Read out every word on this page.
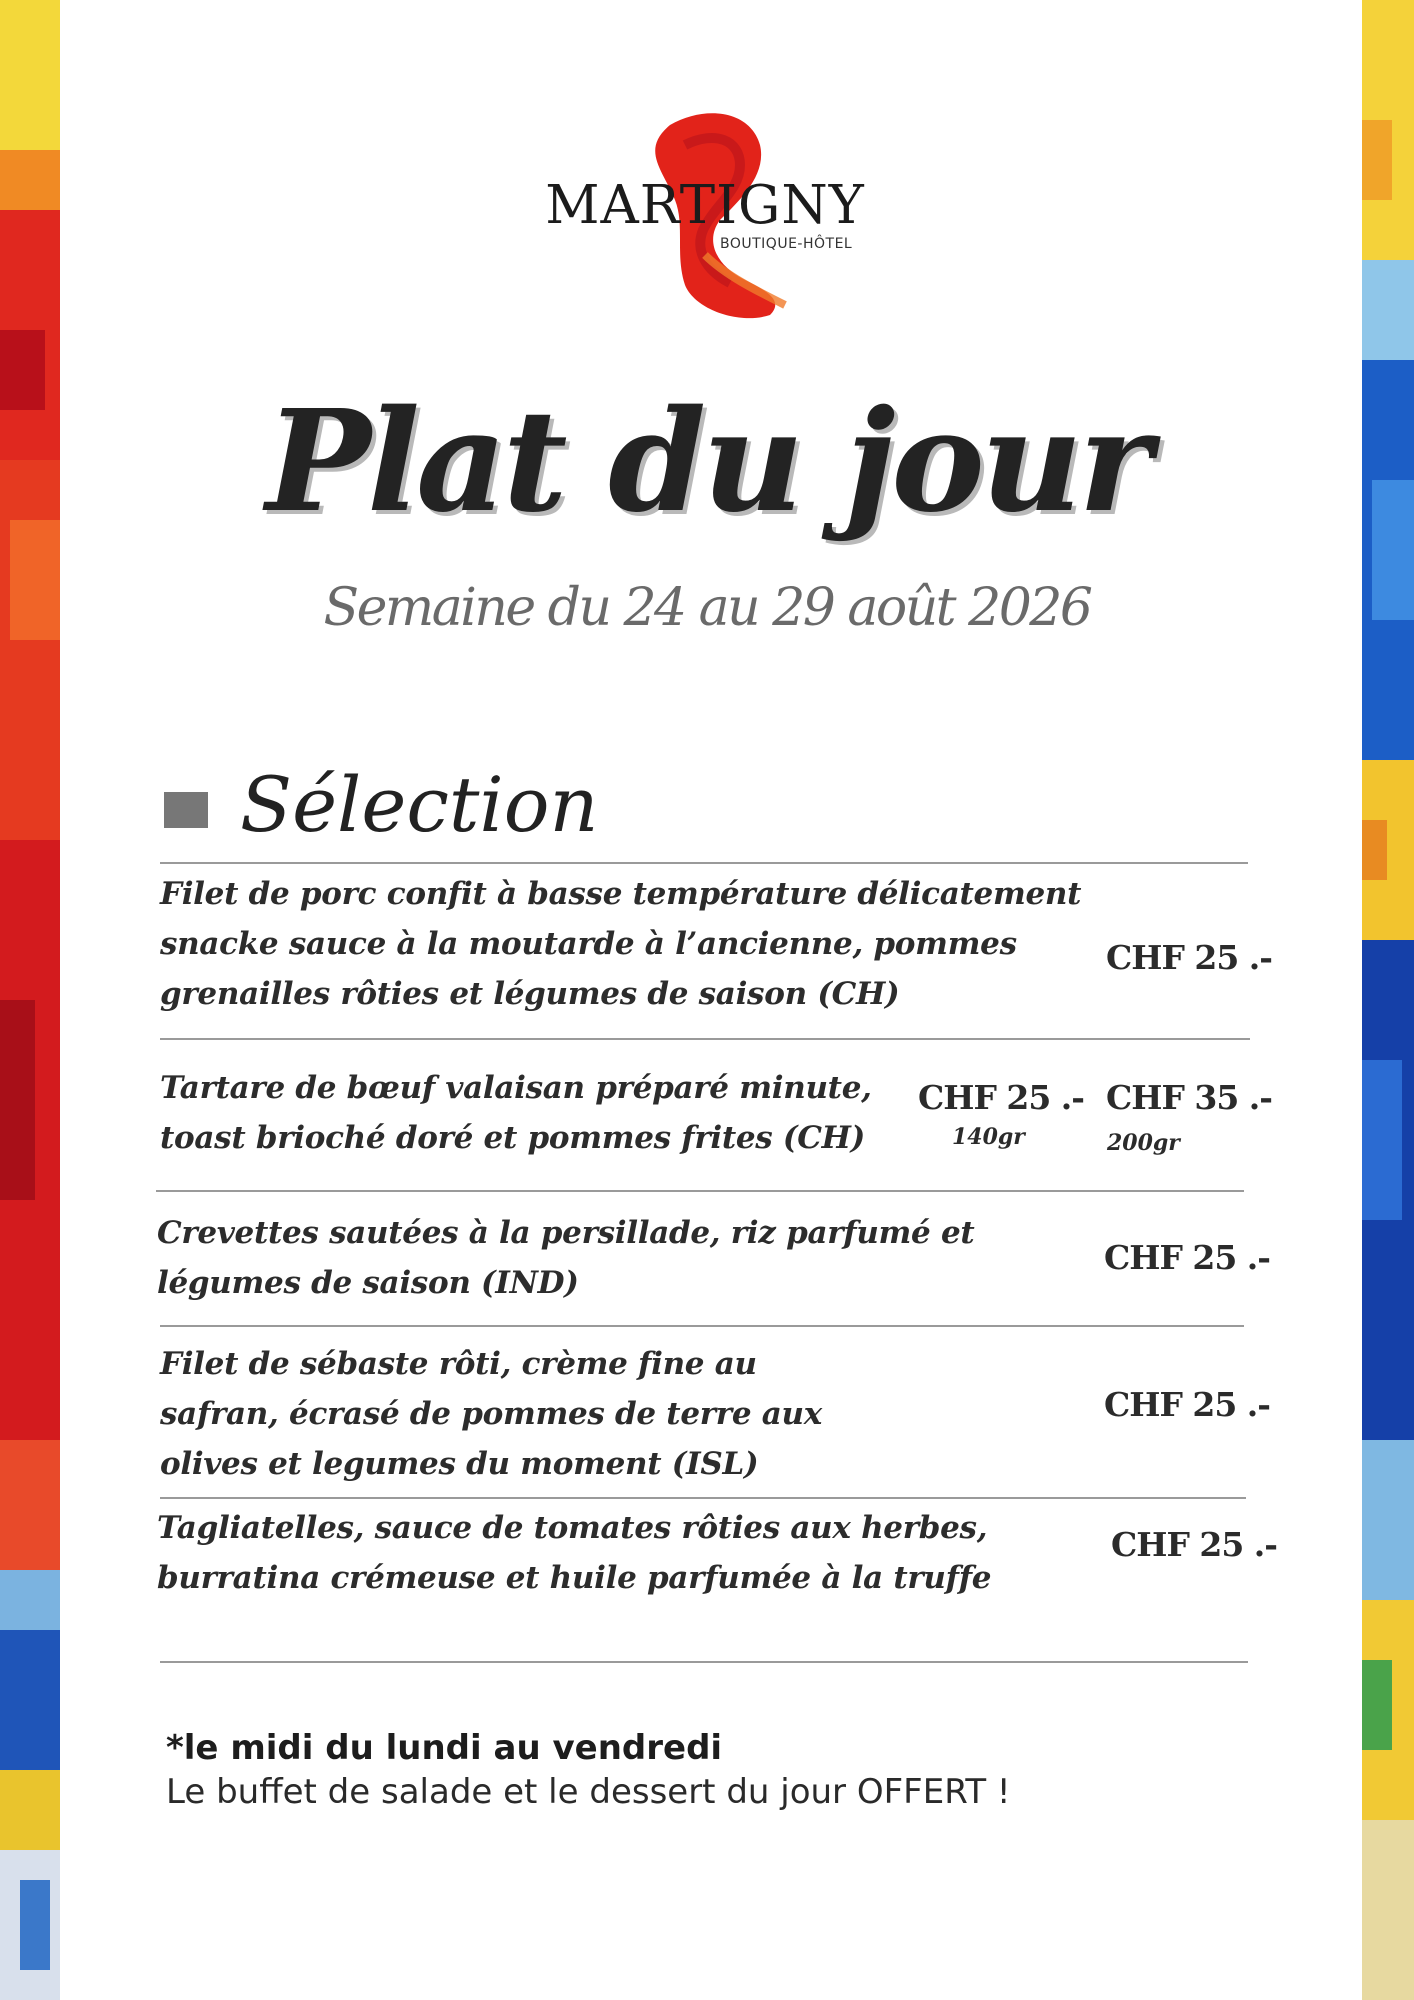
MARTIGNY
BOUTIQUE-HÔTEL
Plat du jour
Semaine du 24 au 29 août 2026
Sélection
Filet de porc confit à basse température délicatement
snacke sauce à la moutarde à l’ancienne, pommes
grenailles rôties et légumes de saison (CH)
CHF 25 .-
Tartare de bœuf valaisan préparé minute,
toast brioché doré et pommes frites (CH)
CHF 25 .-
140gr
CHF 35 .-
200gr
Crevettes sautées à la persillade, riz parfumé et
légumes de saison (IND)
CHF 25 .-
Filet de sébaste rôti, crème fine au
safran, écrasé de pommes de terre aux
olives et legumes du moment (ISL)
CHF 25 .-
Tagliatelles, sauce de tomates rôties aux herbes,
burratina crémeuse et huile parfumée à la truffe
CHF 25 .-
*le midi du lundi au vendredi
Le buffet de salade et le dessert du jour OFFERT !
